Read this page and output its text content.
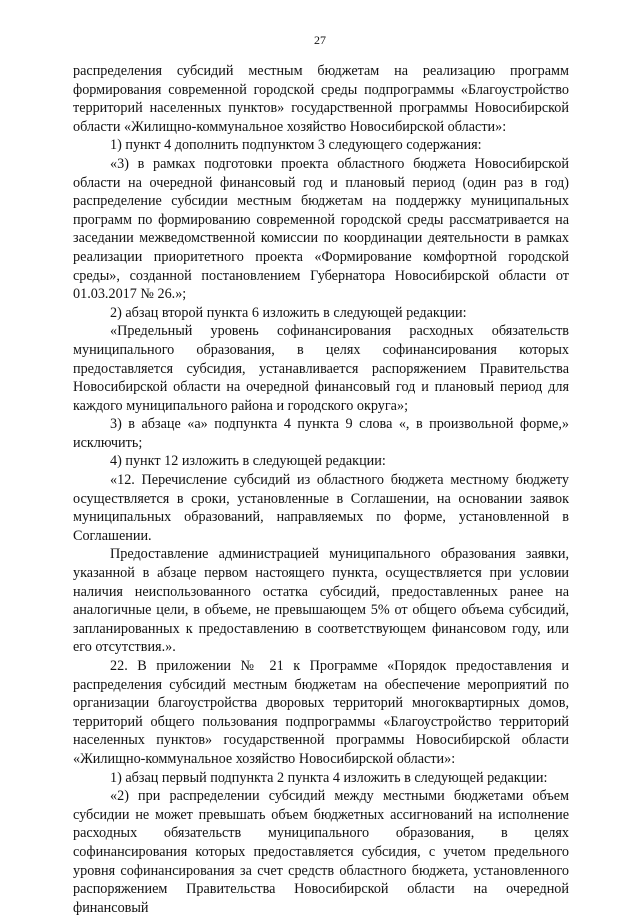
27

распределения субсидий местным бюджетам на реализацию программ формирования современной городской среды подпрограммы «Благоустройство территорий населенных пунктов» государственной программы Новосибирской области «Жилищно-коммунальное хозяйство Новосибирской области»:

1) пункт 4 дополнить подпунктом 3 следующего содержания:

«3) в рамках подготовки проекта областного бюджета Новосибирской области на очередной финансовый год и плановый период (один раз в год) распределение субсидии местным бюджетам на поддержку муниципальных программ по формированию современной городской среды рассматривается на заседании межведомственной комиссии по координации деятельности в рамках реализации приоритетного проекта «Формирование комфортной городской среды», созданной постановлением Губернатора Новосибирской области от 01.03.2017 № 26.»;

2) абзац второй пункта 6 изложить в следующей редакции:

«Предельный уровень софинансирования расходных обязательств муниципального образования, в целях софинансирования которых предоставляется субсидия, устанавливается распоряжением Правительства Новосибирской области на очередной финансовый год и плановый период для каждого муниципального района и городского округа»;

3) в абзаце «а» подпункта 4 пункта 9 слова «, в произвольной форме,» исключить;

4) пункт 12 изложить в следующей редакции:

«12. Перечисление субсидий из областного бюджета местному бюджету осуществляется в сроки, установленные в Соглашении, на основании заявок муниципальных образований, направляемых по форме, установленной в Соглашении.

Предоставление администрацией муниципального образования заявки, указанной в абзаце первом настоящего пункта, осуществляется при условии наличия неиспользованного остатка субсидий, предоставленных ранее на аналогичные цели, в объеме, не превышающем 5% от общего объема субсидий, запланированных к предоставлению в соответствующем финансовом году, или его отсутствия.».

22. В приложении № 21 к Программе «Порядок предоставления и распределения субсидий местным бюджетам на обеспечение мероприятий по организации благоустройства дворовых территорий многоквартирных домов, территорий общего пользования подпрограммы «Благоустройство территорий населенных пунктов» государственной программы Новосибирской области «Жилищно-коммунальное хозяйство Новосибирской области»:

1) абзац первый подпункта 2 пункта 4 изложить в следующей редакции:

«2) при распределении субсидий между местными бюджетами объем субсидии не может превышать объем бюджетных ассигнований на исполнение расходных обязательств муниципального образования, в целях софинансирования которых предоставляется субсидия, с учетом предельного уровня софинансирования за счет средств областного бюджета, установленного распоряжением Правительства Новосибирской области на очередной финансовый
